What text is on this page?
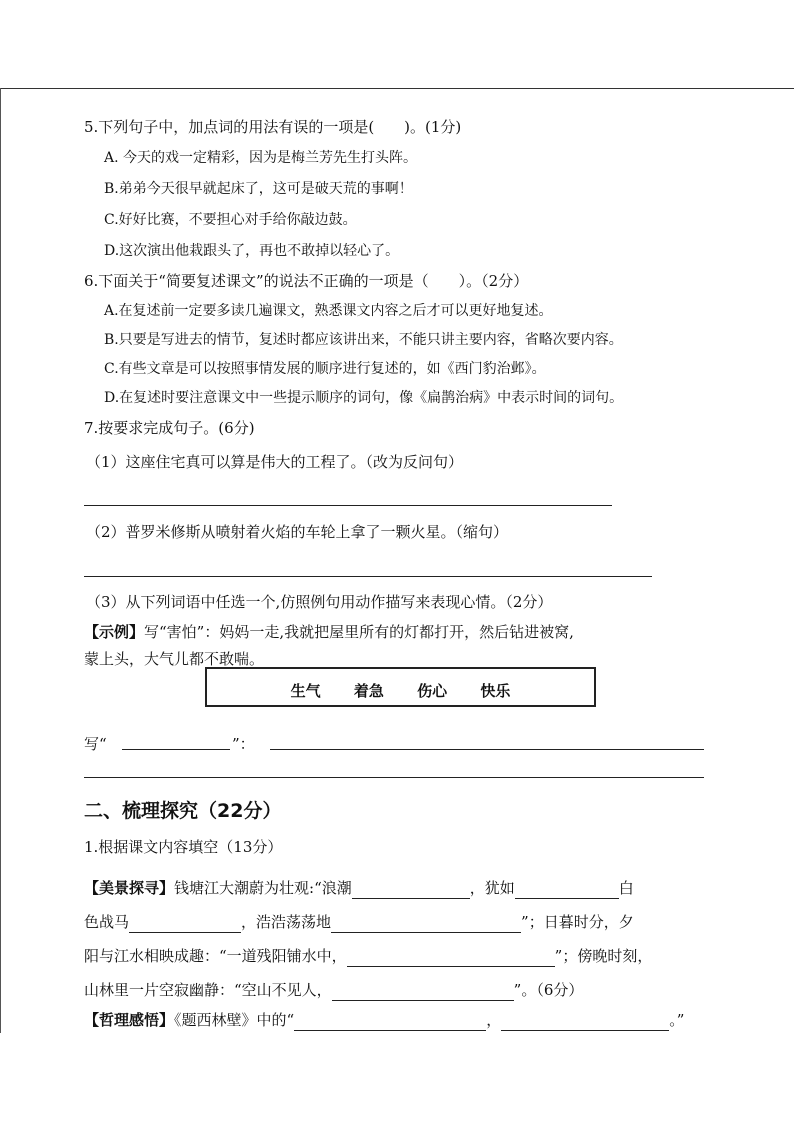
5.下列句子中，加点词的用法有误的一项是(　　)。(1分)
A. 今天的戏一定精彩，因为是梅兰芳先生打头阵。
B.弟弟今天很早就起床了，这可是破天荒的事啊！
C.好好比赛，不要担心对手给你敲边鼓。
D.这次演出他栽跟头了，再也不敢掉以轻心了。
6.下面关于“简要复述课文”的说法不正确的一项是（　　）。（2分）
A.在复述前一定要多读几遍课文，熟悉课文内容之后才可以更好地复述。
B.只要是写进去的情节，复述时都应该讲出来，不能只讲主要内容，省略次要内容。
C.有些文章是可以按照事情发展的顺序进行复述的，如《西门豹治邺》。
D.在复述时要注意课文中一些提示顺序的词句，像《扁鹊治病》中表示时间的词句。
7.按要求完成句子。(6分)
（1）这座住宅真可以算是伟大的工程了。（改为反问句）
（2）普罗米修斯从喷射着火焰的车轮上拿了一颗火星。（缩句）
（3）从下列词语中任选一个,仿照例句用动作描写来表现心情。（2分）
【示例】写“害怕”：妈妈一走,我就把屋里所有的灯都打开，然后钻进被窝,
蒙上头，大气儿都不敢喘。
生气 着急 伤心 快乐
写“	”：
二、梳理探究（22分）
1.根据课文内容填空（13分）
【美景探寻】钱塘江大潮蔚为壮观:“浪潮	，犹如	白
色战马	，浩浩荡荡地	”；日暮时分，夕
阳与江水相映成趣：“一道残阳铺水中，	”；傍晚时刻，
山林里一片空寂幽静：“空山不见人，	”。（6分）
【哲理感悟】《题西林壁》中的“	，	。”
